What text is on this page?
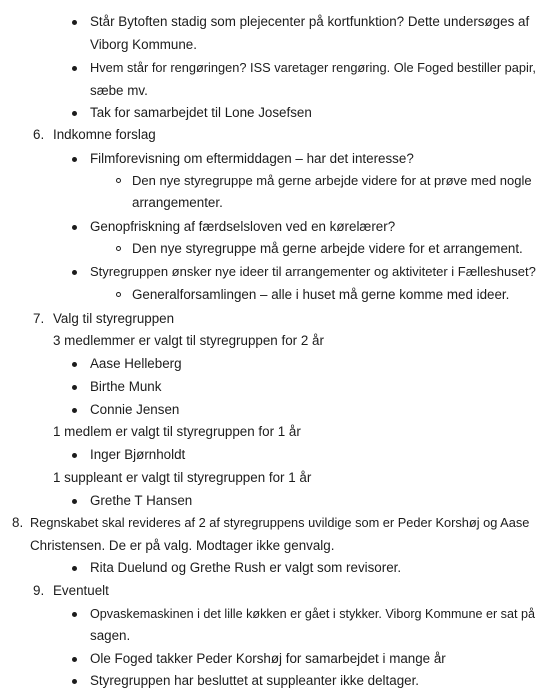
Står Bytoften stadig som plejecenter på kortfunktion? Dette undersøges af
Viborg Kommune.
Hvem står for rengøringen? ISS varetager rengøring. Ole Foged bestiller papir,
sæbe mv.
Tak for samarbejdet til Lone Josefsen
6. Indkomne forslag
Filmforevisning om eftermiddagen – har det interesse?
Den nye styregruppe må gerne arbejde videre for at prøve med nogle
arrangementer.
Genopfriskning af færdselsloven ved en kørelærer?
Den nye styregruppe må gerne arbejde videre for et arrangement.
Styregruppen ønsker nye ideer til arrangementer og aktiviteter i Fælleshuset?
Generalforsamlingen – alle i huset må gerne komme med ideer.
7. Valg til styregruppen
3 medlemmer er valgt til styregruppen for 2 år
Aase Helleberg
Birthe Munk
Connie Jensen
1 medlem er valgt til styregruppen for 1 år
Inger Bjørnholdt
1 suppleant er valgt til styregruppen for 1 år
Grethe T Hansen
8. Regnskabet skal revideres af 2 af styregruppens uvildige som er Peder Korshøj og Aase
Christensen. De er på valg. Modtager ikke genvalg.
Rita Duelund og Grethe Rush er valgt som revisorer.
9. Eventuelt
Opvaskemaskinen i det lille køkken er gået i stykker. Viborg Kommune er sat på
sagen.
Ole Foged takker Peder Korshøj for samarbejdet i mange år
Styregruppen har besluttet at suppleanter ikke deltager.
